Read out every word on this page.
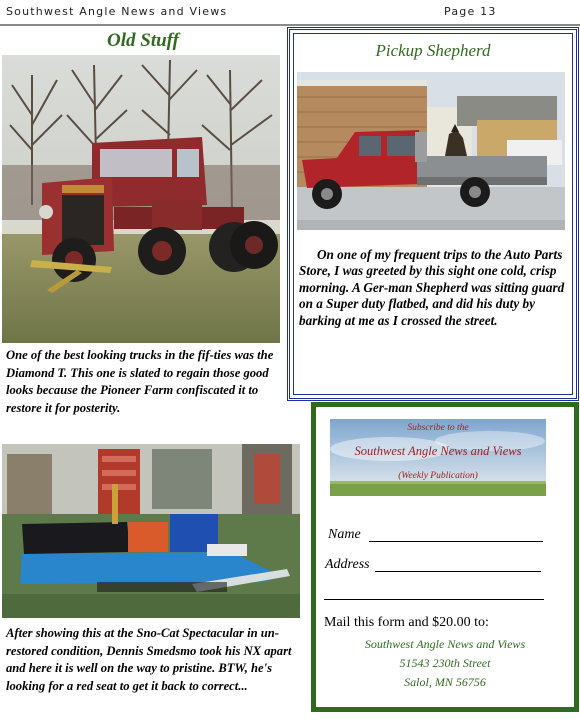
Southwest Angle News and Views	Page 13
Old Stuff
One of the best looking trucks in the fif-ties was the Diamond T. This one is slated to regain those good looks because the Pioneer Farm confiscated it to restore it for posterity.
After showing this at the Sno-Cat Spectacular in un-restored condition, Dennis Smedsmo took his NX apart and here it is well on the way to pristine. BTW, he's looking for a red seat to get it back to correct...
Pickup Shepherd
On one of my frequent trips to the Auto Parts Store, I was greeted by this sight one cold, crisp morning. A Ger-man Shepherd was sitting guard on a Super duty flatbed, and did his duty by barking at me as I crossed the street.
Subscribe to the
Southwest Angle News and Views
(Weekly Publication)
Name
Address
Mail this form and $20.00 to:
Southwest Angle News and Views
51543 230th Street
Salol, MN 56756
